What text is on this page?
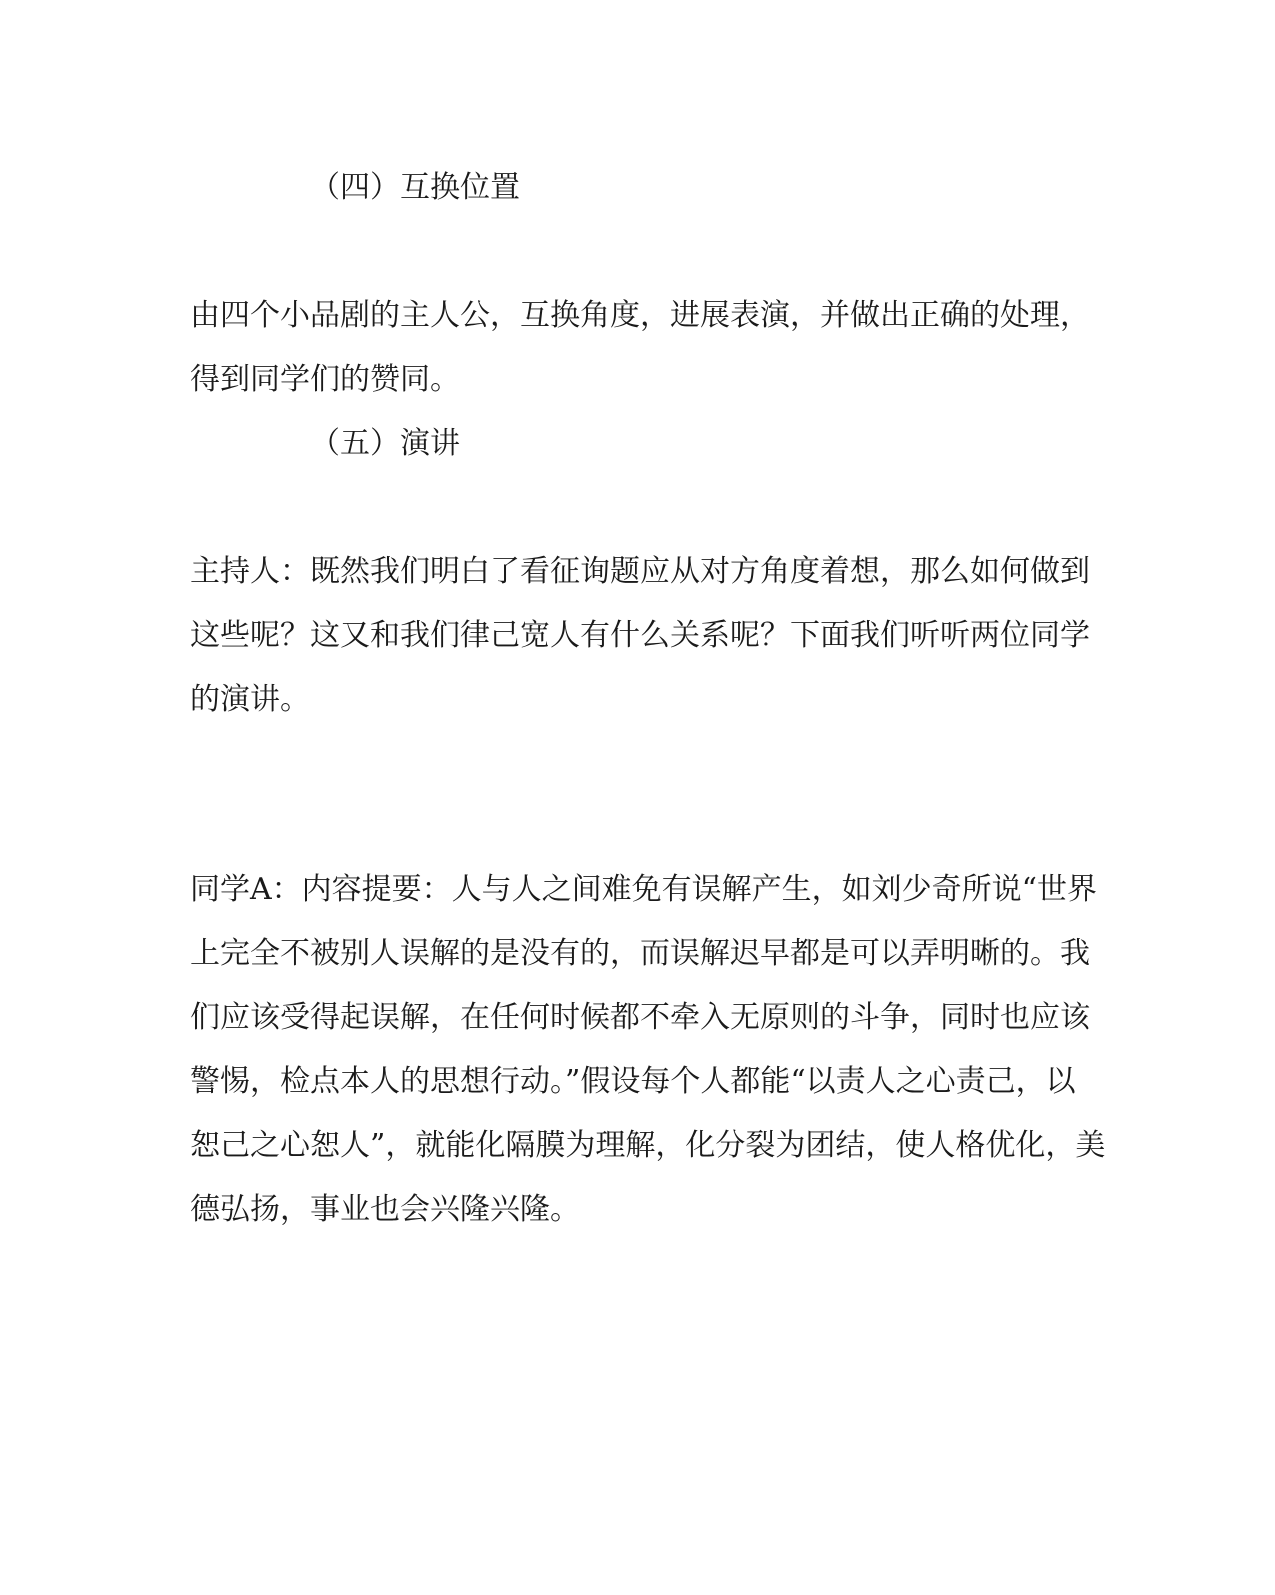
（四）互换位置
由四个小品剧的主人公，互换角度，进展表演，并做出正确的处理，
得到同学们的赞同。
（五）演讲
主持人：既然我们明白了看征询题应从对方角度着想，那么如何做到
这些呢？这又和我们律己宽人有什么关系呢？下面我们听听两位同学
的演讲。
同学A：内容提要：人与人之间难免有误解产生，如刘少奇所说“世界
上完全不被别人误解的是没有的，而误解迟早都是可以弄明晰的。我
们应该受得起误解，在任何时候都不牵入无原则的斗争，同时也应该
警惕，检点本人的思想行动。”假设每个人都能“以责人之心责己，以
恕己之心恕人”，就能化隔膜为理解，化分裂为团结，使人格优化，美
德弘扬，事业也会兴隆兴隆。
